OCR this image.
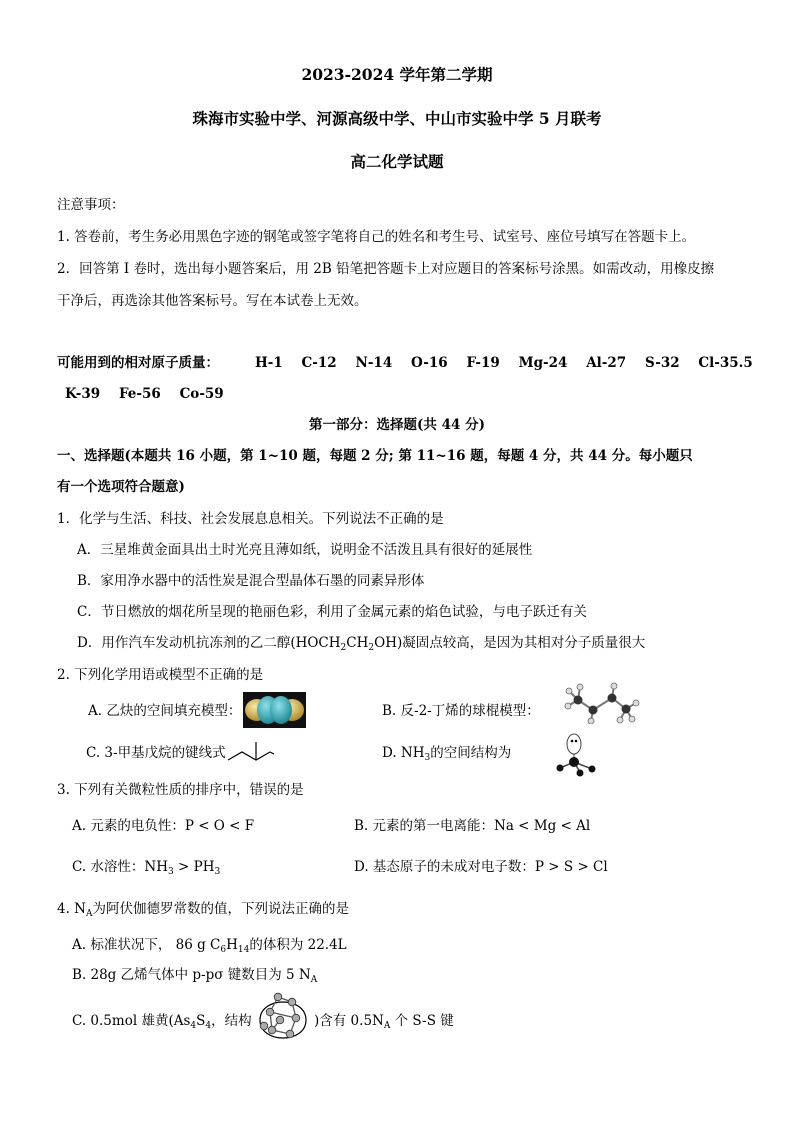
2023-2024 学年第二学期
珠海市实验中学、河源高级中学、中山市实验中学 5 月联考
高二化学试题
注意事项：
1. 答卷前，考生务必用黑色字迹的钢笔或签字笔将自己的姓名和考生号、试室号、座位号填写在答题卡上。
2．回答第 I 卷时，选出每小题答案后，用 2B 铅笔把答题卡上对应题目的答案标号涂黑。如需改动，用橡皮擦
干净后，再选涂其他答案标号。写在本试卷上无效。
可能用到的相对原子质量：	H-1    C-12    N-14    O-16    F-19    Mg-24    Al-27    S-32    Cl-35.5
K-39    Fe-56    Co-59
第一部分：选择题(共 44 分)
一、选择题(本题共 16 小题，第 1~10 题，每题 2 分; 第 11~16 题，每题 4 分，共 44 分。每小题只
有一个选项符合题意)
1．化学与生活、科技、社会发展息息相关。下列说法不正确的是
A．三星堆黄金面具出土时光亮且薄如纸，说明金不活泼且具有很好的延展性
B．家用净水器中的活性炭是混合型晶体石墨的同素异形体
C．节日燃放的烟花所呈现的艳丽色彩，利用了金属元素的焰色试验，与电子跃迁有关
D．用作汽车发动机抗冻剂的乙二醇$(HOCH_2CH_2OH)$凝固点较高，是因为其相对分子质量很大
2. 下列化学用语或模型不正确的是
A. 乙炔的空间填充模型：	B. 反-2-丁烯的球棍模型：
C. 3-甲基戊烷的键线式	D. $NH_3$的空间结构为
3. 下列有关微粒性质的排序中，错误的是
A. 元素的电负性：P < O < F	B. 元素的第一电离能：Na < Mg < Al
C. 水溶性：$NH_3 > PH_3$	D. 基态原子的未成对电子数：P > S > Cl
4. $N_A$为阿伏伽德罗常数的值，下列说法正确的是
A. 标准状况下， 86 g $C_6H_{14}$的体积为 22.4L
B. 28g 乙烯气体中 p-pσ 键数目为 5 $N_A$
C. 0.5mol 雄黄($As_4S_4$，结构	)含有 $0.5N_A$ 个 S-S 键
